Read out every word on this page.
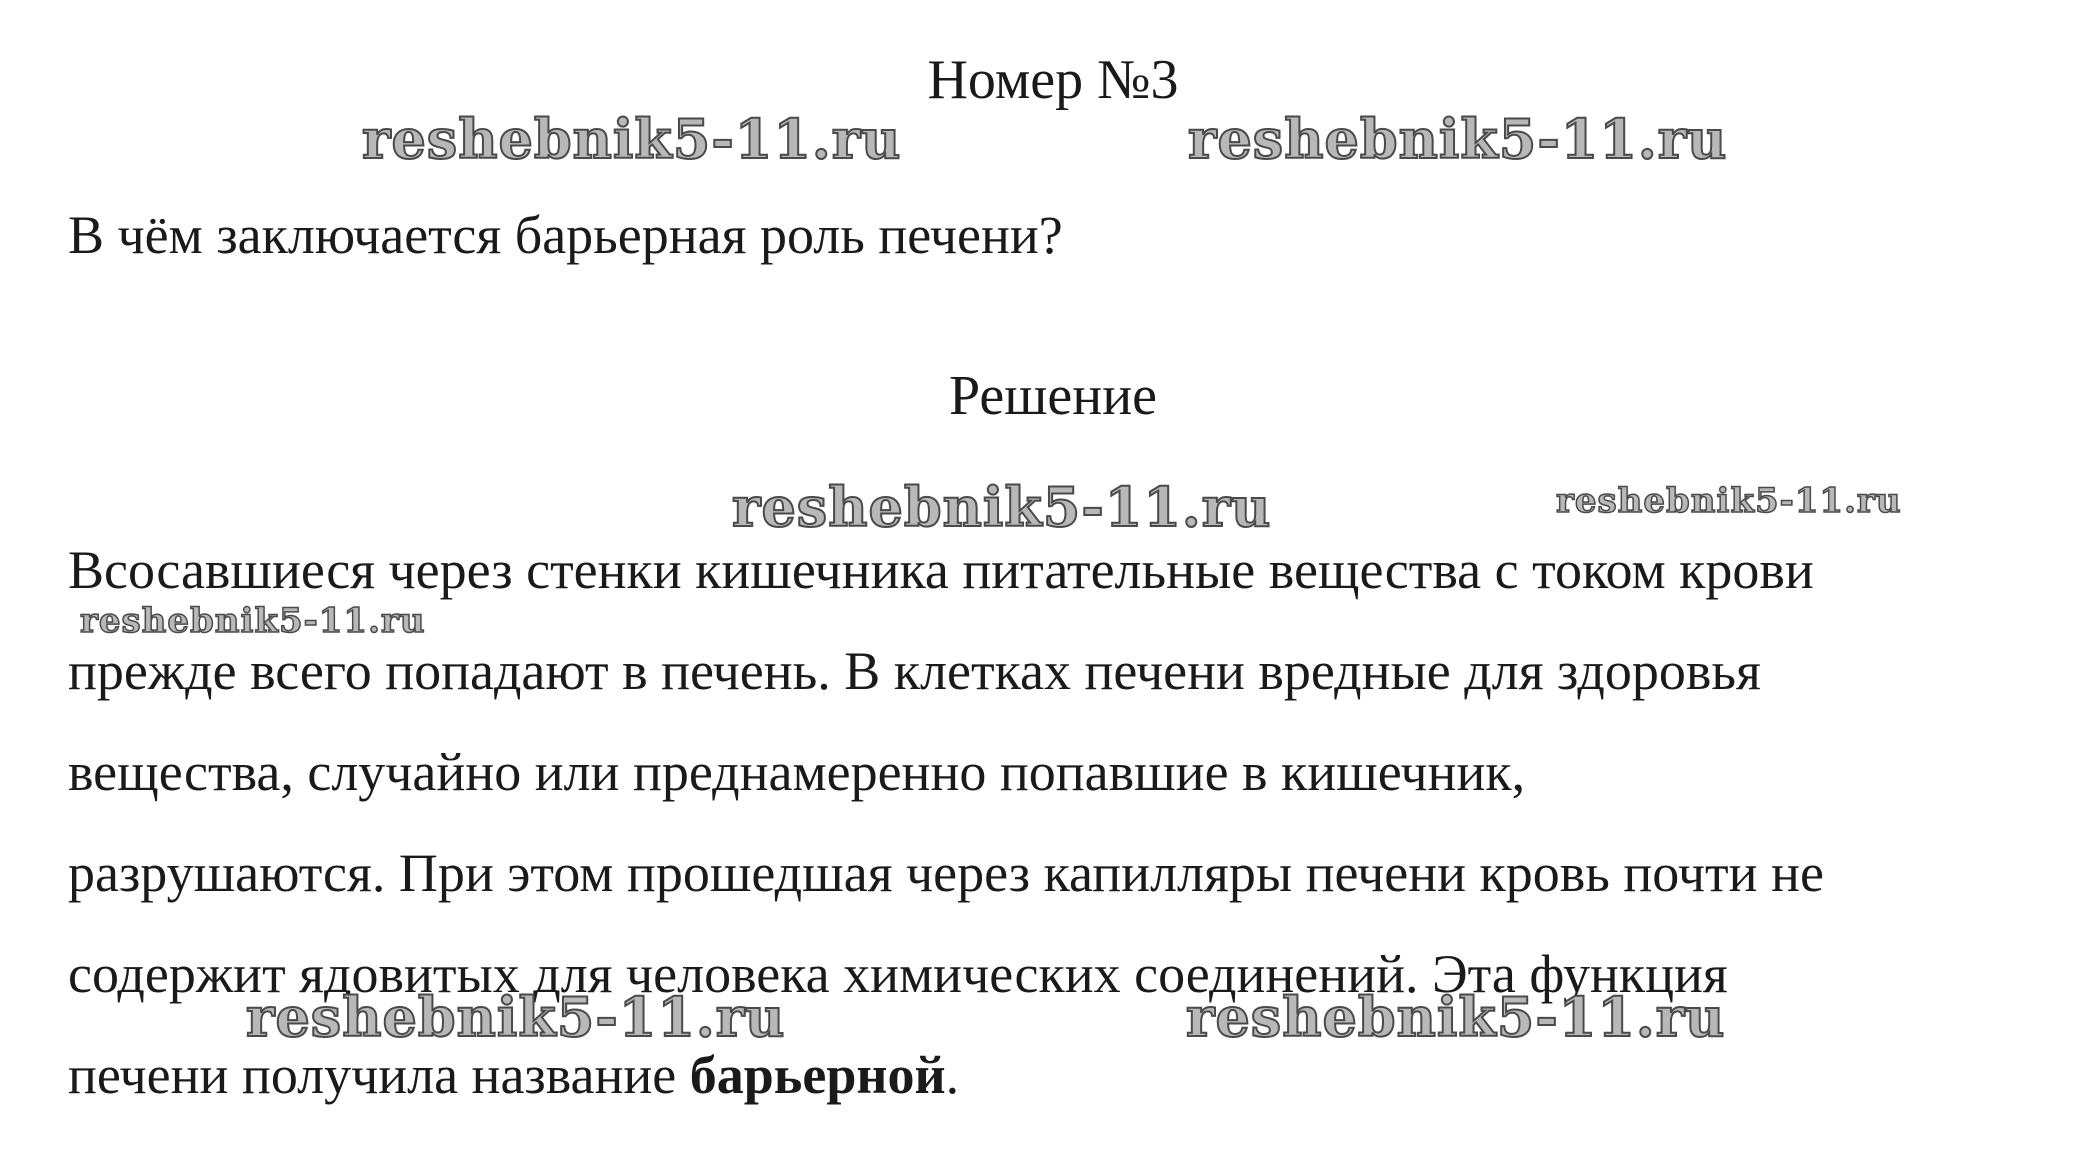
Номер №3
В чём заключается барьерная роль печени?
Решение

Всосавшиеся через стенки кишечника питательные вещества с током крови
прежде всего попадают в печень. В клетках печени вредные для здоровья
вещества, случайно или преднамеренно попавшие в кишечник,
разрушаются. При этом прошедшая через капилляры печени кровь почти не
содержит ядовитых для человека химических соединений. Эта функция
печени получила название барьерной.

reshebnik5-11.ru	reshebnik5-11.ru
reshebnik5-11.ru	reshebnik5-11.ru
reshebnik5-11.ru
reshebnik5-11.ru	reshebnik5-11.ru
